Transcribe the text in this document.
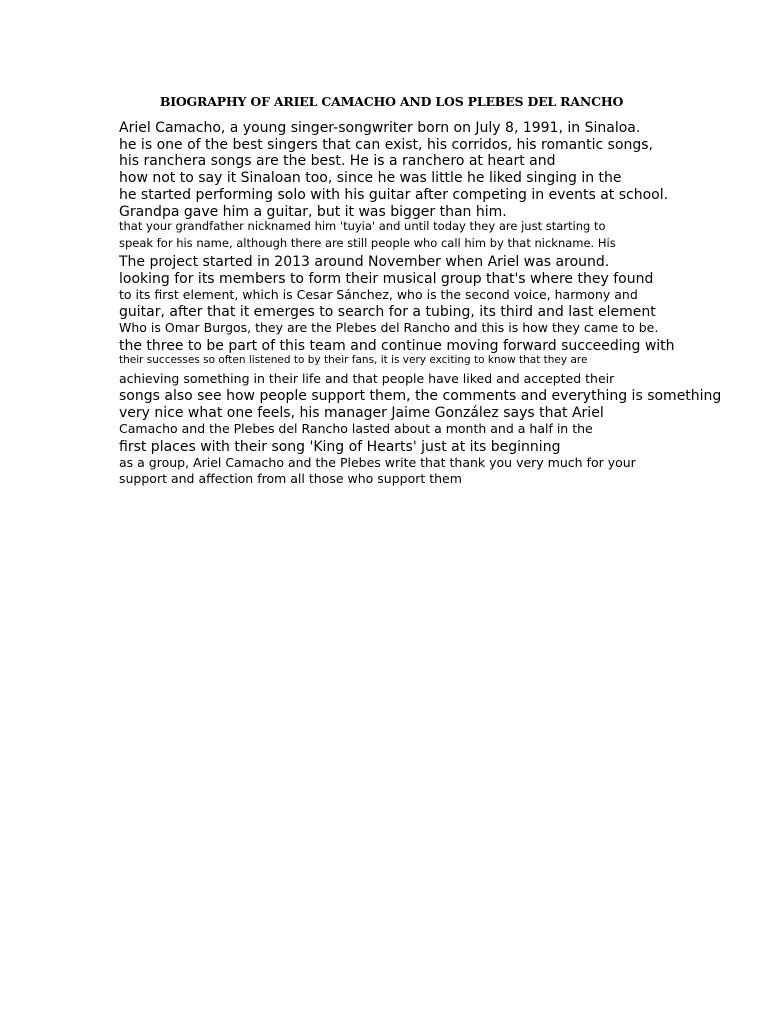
BIOGRAPHY OF ARIEL CAMACHO AND LOS PLEBES DEL RANCHO
Ariel Camacho, a young singer-songwriter born on July 8, 1991, in Sinaloa.
he is one of the best singers that can exist, his corridos, his romantic songs,
his ranchera songs are the best. He is a ranchero at heart and
how not to say it Sinaloan too, since he was little he liked singing in the
he started performing solo with his guitar after competing in events at school.
Grandpa gave him a guitar, but it was bigger than him.
that your grandfather nicknamed him 'tuyia' and until today they are just starting to
speak for his name, although there are still people who call him by that nickname. His
The project started in 2013 around November when Ariel was around.
looking for its members to form their musical group that's where they found
to its first element, which is Cesar Sánchez, who is the second voice, harmony and
guitar, after that it emerges to search for a tubing, its third and last element
Who is Omar Burgos, they are the Plebes del Rancho and this is how they came to be.
the three to be part of this team and continue moving forward succeeding with
their successes so often listened to by their fans, it is very exciting to know that they are
achieving something in their life and that people have liked and accepted their
songs also see how people support them, the comments and everything is something
very nice what one feels, his manager Jaime González says that Ariel
Camacho and the Plebes del Rancho lasted about a month and a half in the
first places with their song 'King of Hearts' just at its beginning
as a group, Ariel Camacho and the Plebes write that thank you very much for your
support and affection from all those who support them
